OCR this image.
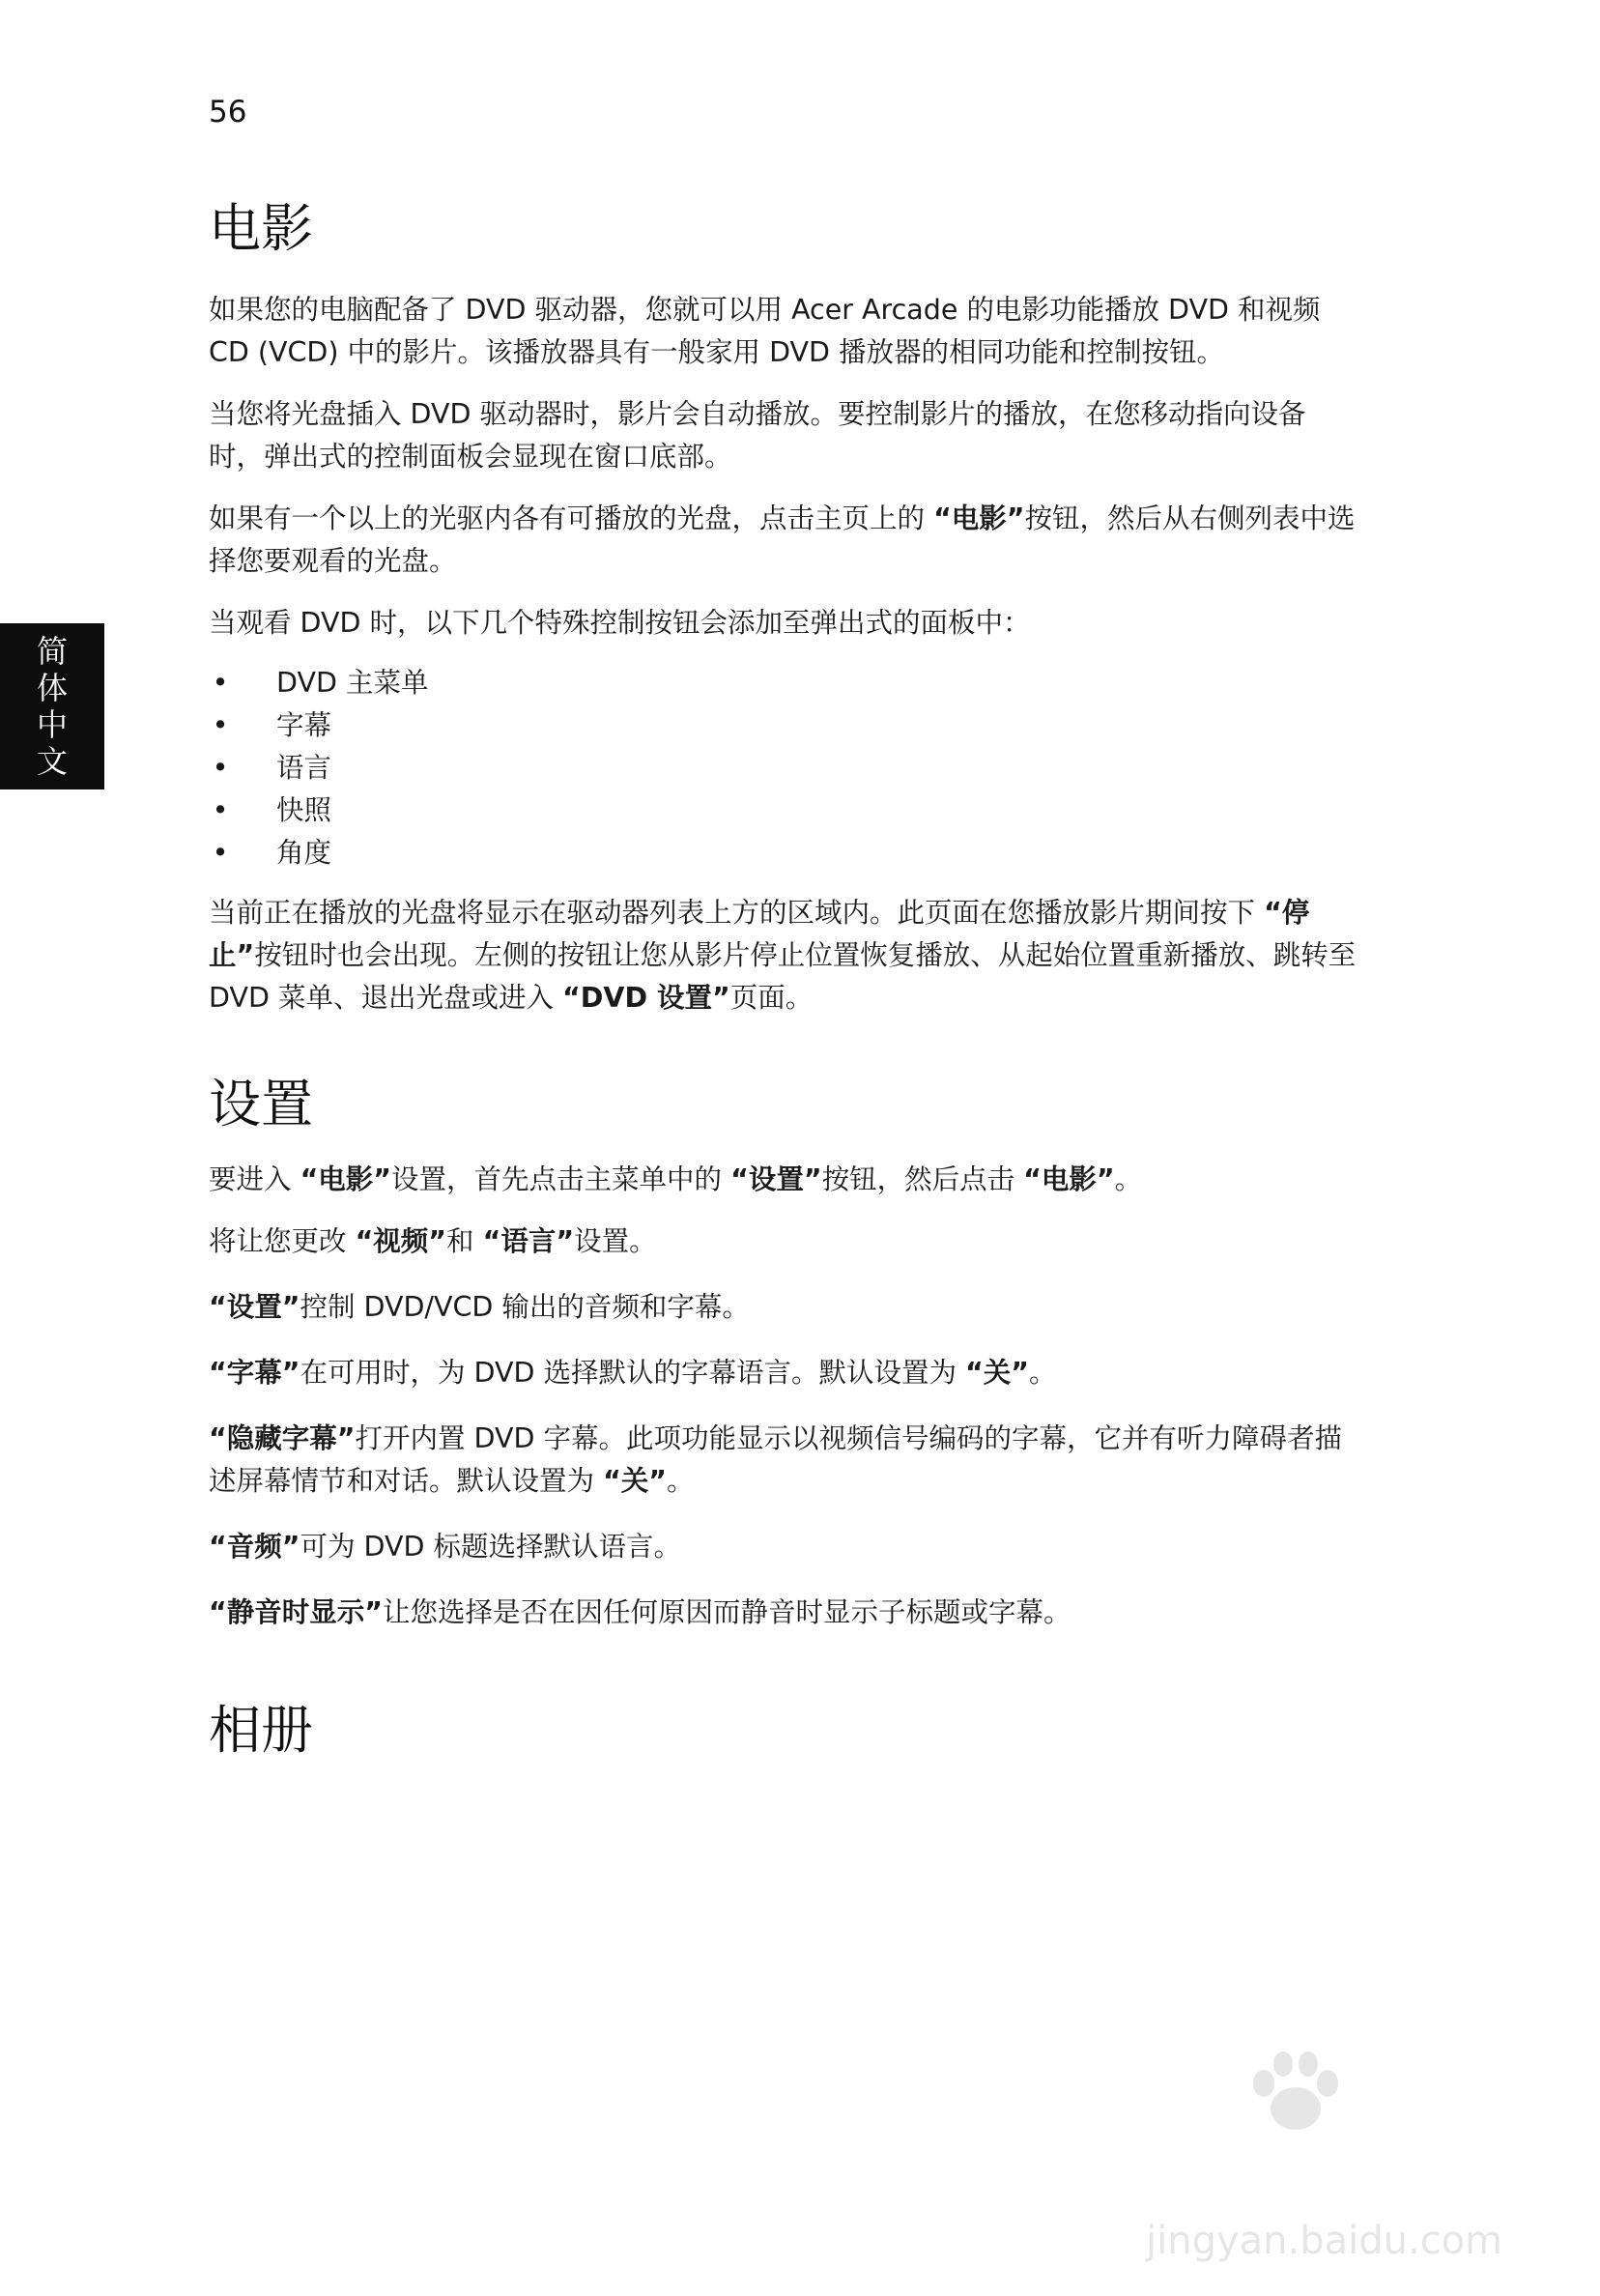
56
简
体
中
文
电影

如果您的电脑配备了 DVD 驱动器，您就可以用 Acer Arcade 的电影功能播放 DVD 和视频 CD (VCD) 中的影片。该播放器具有一般家用 DVD 播放器的相同功能和控制按钮。

当您将光盘插入 DVD 驱动器时，影片会自动播放。要控制影片的播放，在您移动指向设备时，弹出式的控制面板会显现在窗口底部。

如果有一个以上的光驱内各有可播放的光盘，点击主页上的 “电影”按钮，然后从右侧列表中选择您要观看的光盘。

当观看 DVD 时，以下几个特殊控制按钮会添加至弹出式的面板中：

• DVD 主菜单
• 字幕
• 语言
• 快照
• 角度

当前正在播放的光盘将显示在驱动器列表上方的区域内。此页面在您播放影片期间按下 “停止”按钮时也会出现。左侧的按钮让您从影片停止位置恢复播放、从起始位置重新播放、跳转至 DVD 菜单、退出光盘或进入 “DVD 设置”页面。

设置

要进入 “电影”设置，首先点击主菜单中的 “设置”按钮，然后点击 “电影”。

将让您更改 “视频”和 “语言”设置。

“设置”控制 DVD/VCD 输出的音频和字幕。

“字幕”在可用时，为 DVD 选择默认的字幕语言。默认设置为 “关”。

“隐藏字幕”打开内置 DVD 字幕。此项功能显示以视频信号编码的字幕，它并有听力障碍者描述屏幕情节和对话。默认设置为 “关”。

“音频”可为 DVD 标题选择默认语言。

“静音时显示”让您选择是否在因任何原因而静音时显示子标题或字幕。

相册
jingyan.baidu.com
